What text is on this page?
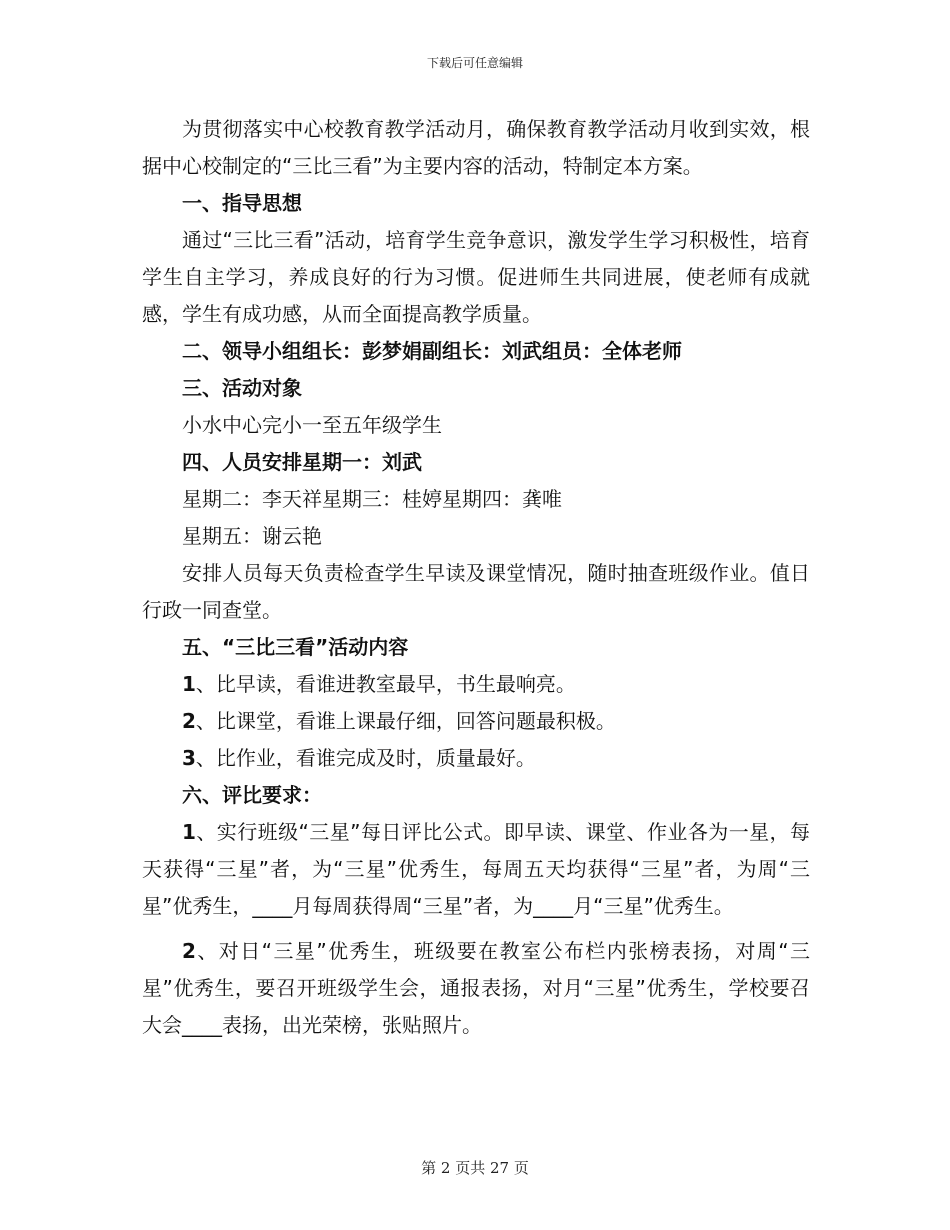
下载后可任意编辑

为贯彻落实中心校教育教学活动月，确保教育教学活动月收到实效，根据中心校制定的“三比三看”为主要内容的活动，特制定本方案。

一、指导思想

通过“三比三看”活动，培育学生竞争意识，激发学生学习积极性，培育学生自主学习，养成良好的行为习惯。促进师生共同进展，使老师有成就感，学生有成功感，从而全面提高教学质量。

二、领导小组组长：彭梦娟副组长：刘武组员：全体老师

三、活动对象

小水中心完小一至五年级学生

四、人员安排星期一：刘武

星期二：李天祥星期三：桂婷星期四：龚唯

星期五：谢云艳

安排人员每天负责检查学生早读及课堂情况，随时抽查班级作业。值日行政一同查堂。

五、“三比三看”活动内容

1、比早读，看谁进教室最早，书生最响亮。

2、比课堂，看谁上课最仔细，回答问题最积极。

3、比作业，看谁完成及时，质量最好。

六、评比要求：

1、实行班级“三星”每日评比公式。即早读、课堂、作业各为一星，每天获得“三星”者，为“三星”优秀生，每周五天均获得“三星”者，为周“三星”优秀生，____月每周获得周“三星”者，为____月“三星”优秀生。

2、对日“三星”优秀生，班级要在教室公布栏内张榜表扬，对周“三星”优秀生，要召开班级学生会，通报表扬，对月“三星”优秀生，学校要召大会____表扬，出光荣榜，张贴照片。

第 2 页共 27 页
